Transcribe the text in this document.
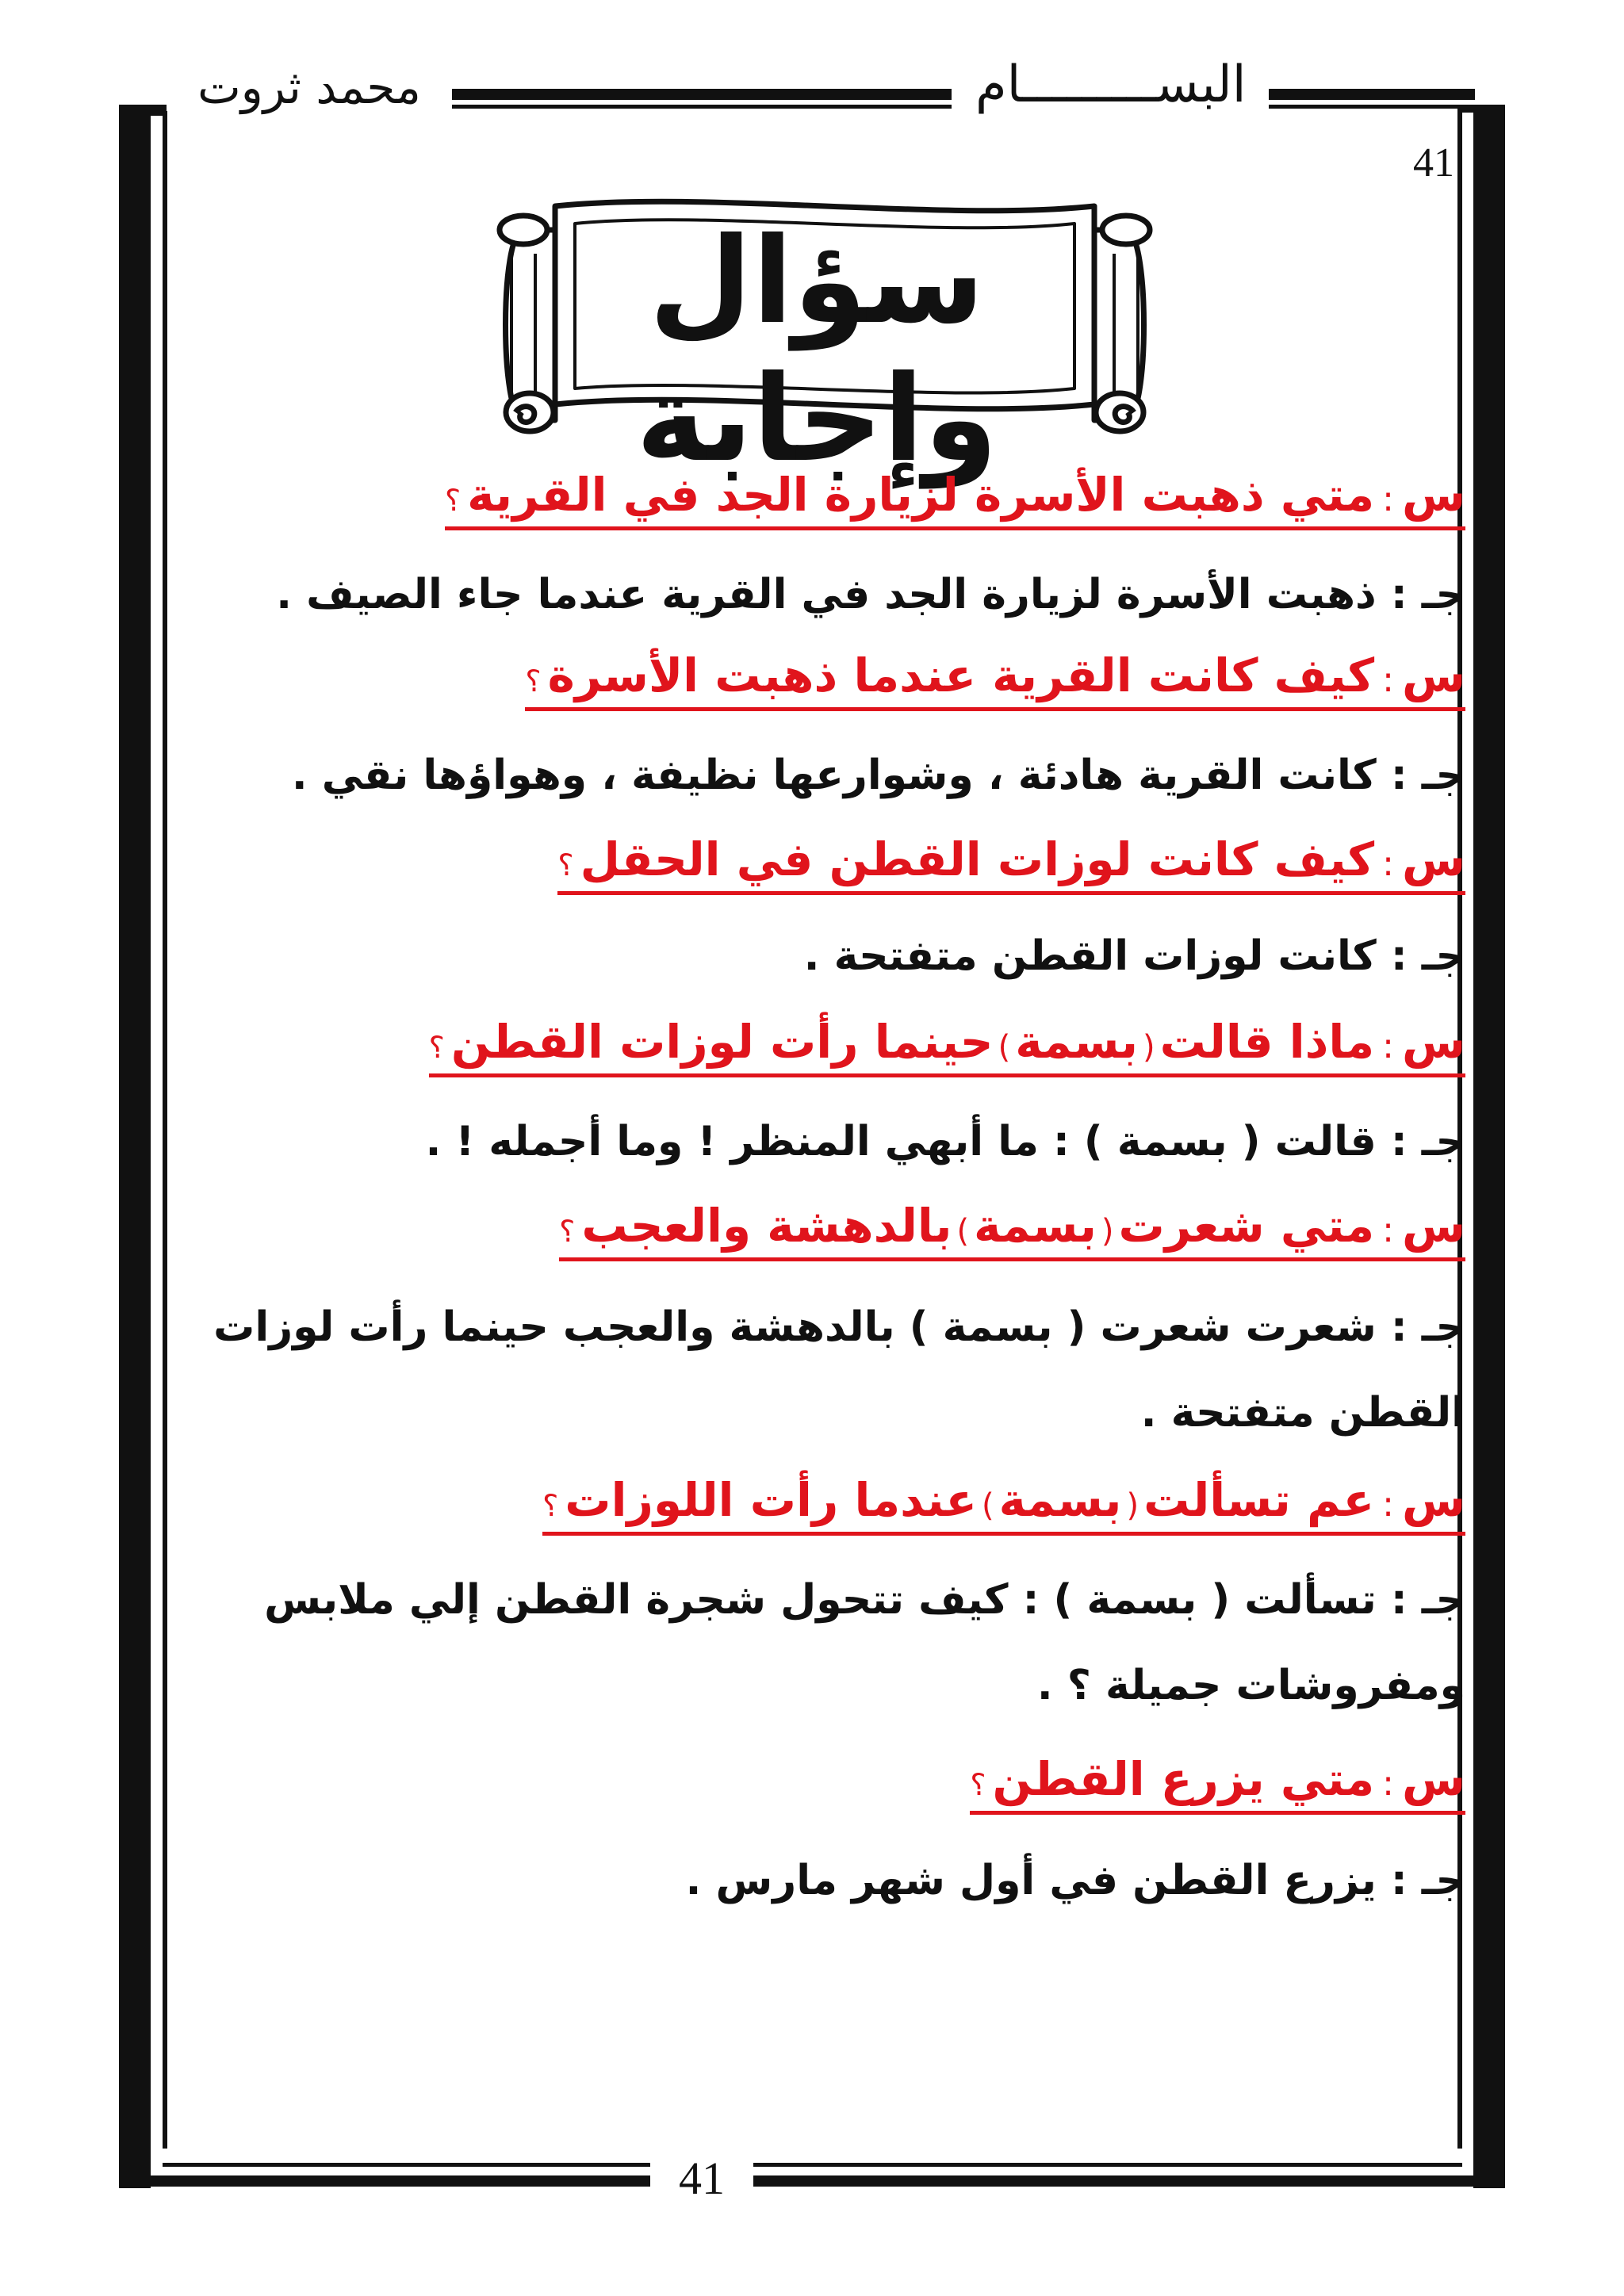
البســـــــــام
محمد ثروت
41
سؤال وإجابة
س:متي ذهبت الأسرة لزيارة الجد في القرية؟
جـ : ذهبت الأسرة لزيارة الجد في القرية عندما جاء الصيف .
س:كيف كانت القرية عندما ذهبت الأسرة؟
جـ : كانت القرية هادئة ، وشوارعها نظيفة ، وهواؤها نقي .
س:كيف كانت لوزات القطن في الحقل؟
جـ : كانت لوزات القطن متفتحة .
س:ماذا قالت(بسمة)حينما رأت لوزات القطن؟
جـ : قالت ( بسمة ) : ما أبهي المنظر ! وما أجمله ! .
س:متي شعرت(بسمة)بالدهشة والعجب؟
جـ : شعرت شعرت ( بسمة ) بالدهشة والعجب حينما رأت لوزات القطن متفتحة .
س:عم تسألت(بسمة)عندما رأت اللوزات؟
جـ : تسألت ( بسمة ) : كيف تتحول شجرة القطن إلي ملابس ومفروشات جميلة ؟ .
س:متي يزرع القطن؟
جـ : يزرع القطن في أول شهر مارس .
41
